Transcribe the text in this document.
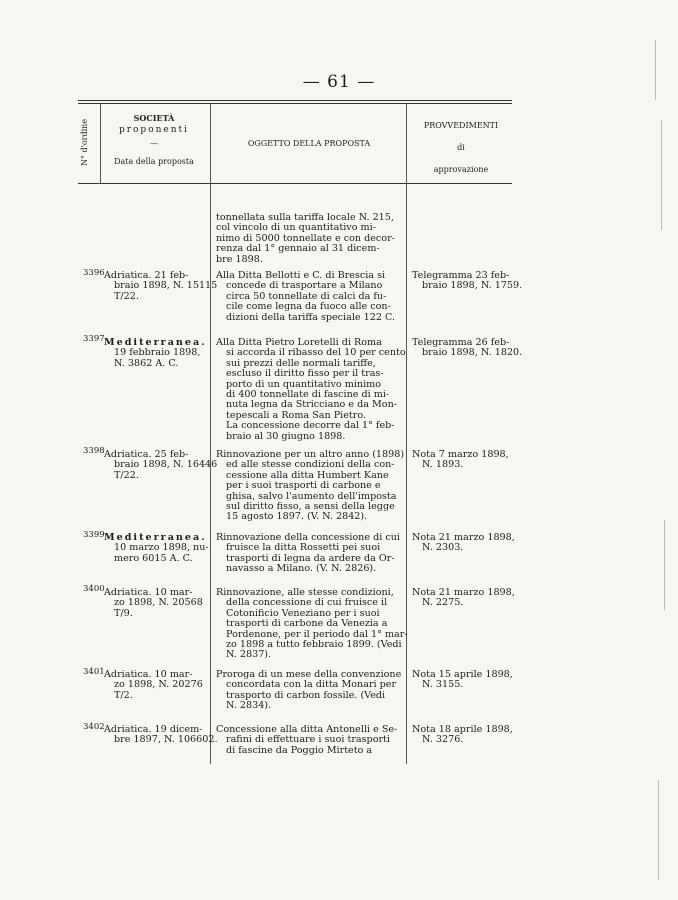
— 61 —
N° d'ordine
SOCIETÀ
proponenti
—
Data della proposta
OGGETTO DELLA PROPOSTA
PROVVEDIMENTI
di
approvazione
tonnellata sulla tariffa locale N. 215,
col vincolo di un quantitativo mi-
nimo di 5000 tonnellate e con decor-
renza dal 1° gennaio al 31 dicem-
bre 1898.
3396 Adriatica. 21 feb-
braio 1898, N. 15115
T/22.
Alla Ditta Bellotti e C. di Brescia si
concede di trasportare a Milano
circa 50 tonnellate di calci da fu-
cile come legna da fuoco alle con-
dizioni della tariffa speciale 122 C.
Telegramma 23 feb-
braio 1898, N. 1759.
3397 Mediterranea.
19 febbraio 1898,
N. 3862 A. C.
Alla Ditta Pietro Loretelli di Roma
si accorda il ribasso del 10 per cento
sui prezzi delle normali tariffe,
escluso il diritto fisso per il tras-
porto di un quantitativo minimo
di 400 tonnellate di fascine di mi-
nuta legna da Stricciano e da Mon-
tepescali a Roma San Pietro.
La concessione decorre dal 1° feb-
braio al 30 giugno 1898.
Telegramma 26 feb-
braio 1898, N. 1820.
3398 Adriatica. 25 feb-
braio 1898, N. 16446
T/22.
Rinnovazione per un altro anno (1898)
ed alle stesse condizioni della con-
cessione alla ditta Humbert Kane
per i suoi trasporti di carbone e
ghisa, salvo l'aumento dell'imposta
sul diritto fisso, a sensi della legge
15 agosto 1897. (V. N. 2842).
Nota 7 marzo 1898,
N. 1893.
3399 Mediterranea.
10 marzo 1898, nu-
mero 6015 A. C.
Rinnovazione della concessione di cui
fruisce la ditta Rossetti pei suoi
trasporti di legna da ardere da Or-
navasso a Milano. (V. N. 2826).
Nota 21 marzo 1898,
N. 2303.
3400 Adriatica. 10 mar-
zo 1898, N. 20568
T/9.
Rinnovazione, alle stesse condizioni,
della concessione di cui fruisce il
Cotonificio Veneziano per i suoi
trasporti di carbone da Venezia a
Pordenone, per il periodo dal 1° mar-
zo 1898 a tutto febbraio 1899. (Vedi
N. 2837).
Nota 21 marzo 1898,
N. 2275.
3401 Adriatica. 10 mar-
zo 1898, N. 20276
T/2.
Proroga di un mese della convenzione
concordata con la ditta Monari per
trasporto di carbon fossile. (Vedi
N. 2834).
Nota 15 aprile 1898,
N. 3155.
3402 Adriatica. 19 dicem-
bre 1897, N. 106602.
Concessione alla ditta Antonelli e Se-
rafini di effettuare i suoi trasporti
di fascine da Poggio Mirteto a
Nota 18 aprile 1898,
N. 3276.
